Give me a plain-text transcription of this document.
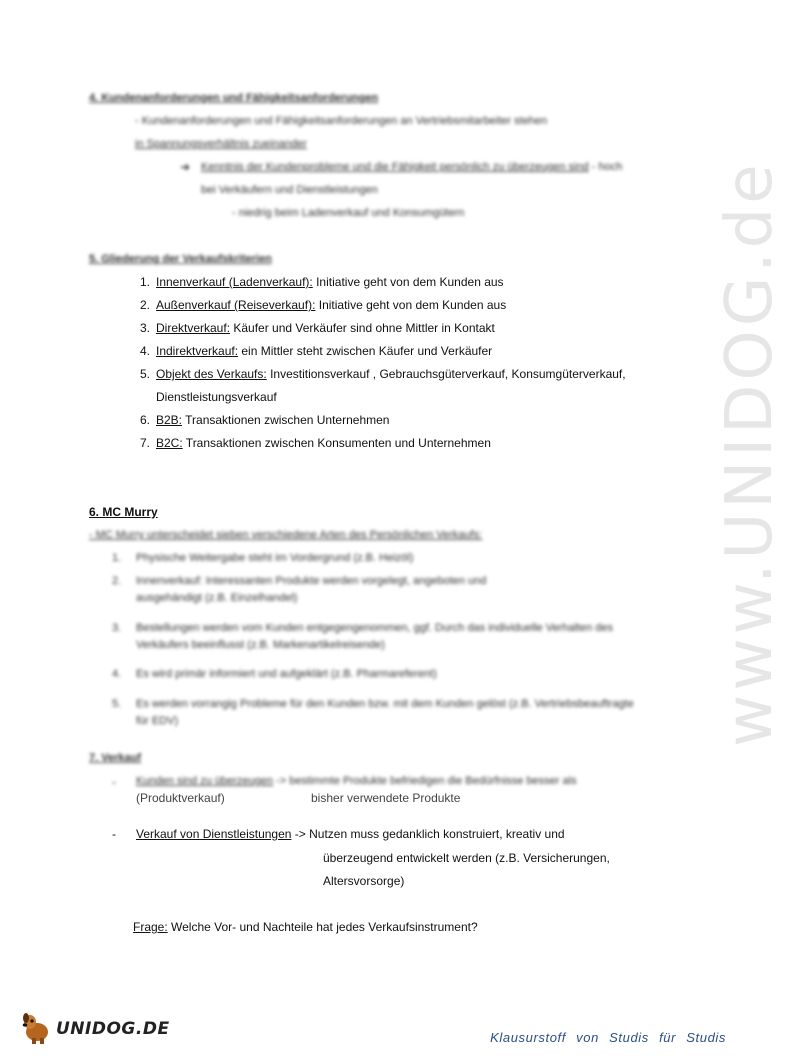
www.UNIDOG.de
4. Kundenanforderungen und Fähigkeitsanforderungen
- Kundenanforderungen und Fähigkeitsanforderungen an Vertriebsmitarbeiter stehen
in Spannungsverhältnis zueinander
➜ Kenntnis der Kundenprobleme und die Fähigkeit persönlich zu überzeugen sind - hoch
bei Verkäufern und Dienstleistungen
- niedrig beim Ladenverkauf und Konsumgütern
5. Gliederung der Verkaufskriterien
1. Innenverkauf (Ladenverkauf): Initiative geht von dem Kunden aus
2. Außenverkauf (Reiseverkauf): Initiative geht von dem Kunden aus
3. Direktverkauf: Käufer und Verkäufer sind ohne Mittler in Kontakt
4. Indirektverkauf: ein Mittler steht zwischen Käufer und Verkäufer
5. Objekt des Verkaufs: Investitionsverkauf , Gebrauchsgüterverkauf, Konsumgüterverkauf,
Dienstleistungsverkauf
6. B2B: Transaktionen zwischen Unternehmen
7. B2C: Transaktionen zwischen Konsumenten und Unternehmen
6. MC Murry
- MC Murry unterscheidet sieben verschiedene Arten des Persönlichen Verkaufs:
1. Physische Weitergabe steht im Vordergrund (z.B. Heizöl)
2. Innenverkauf: Interessanten Produkte werden vorgelegt, angeboten und
ausgehändigt (z.B. Einzelhandel)
3. Bestellungen werden vom Kunden entgegengenommen, ggf. Durch das individuelle Verhalten des
Verkäufers beeinflusst (z.B. Markenartikelreisende)
4. Es wird primär informiert und aufgeklärt (z.B. Pharmareferent)
5. Es werden vorrangig Probleme für den Kunden bzw. mit dem Kunden gelöst (z.B. Vertriebsbeauftragte
für EDV)
7. Verkauf
- Kunden sind zu überzeugen -> bestimmte Produkte befriedigen die Bedürfnisse besser als
(Produktverkauf)	bisher verwendete Produkte
- Verkauf von Dienstleistungen -> Nutzen muss gedanklich konstruiert, kreativ und
überzeugend entwickelt werden (z.B. Versicherungen,
Altersvorsorge)
Frage: Welche Vor- und Nachteile hat jedes Verkaufsinstrument?
UNIDOG.DE	Klausurstoff von Studis für Studis
